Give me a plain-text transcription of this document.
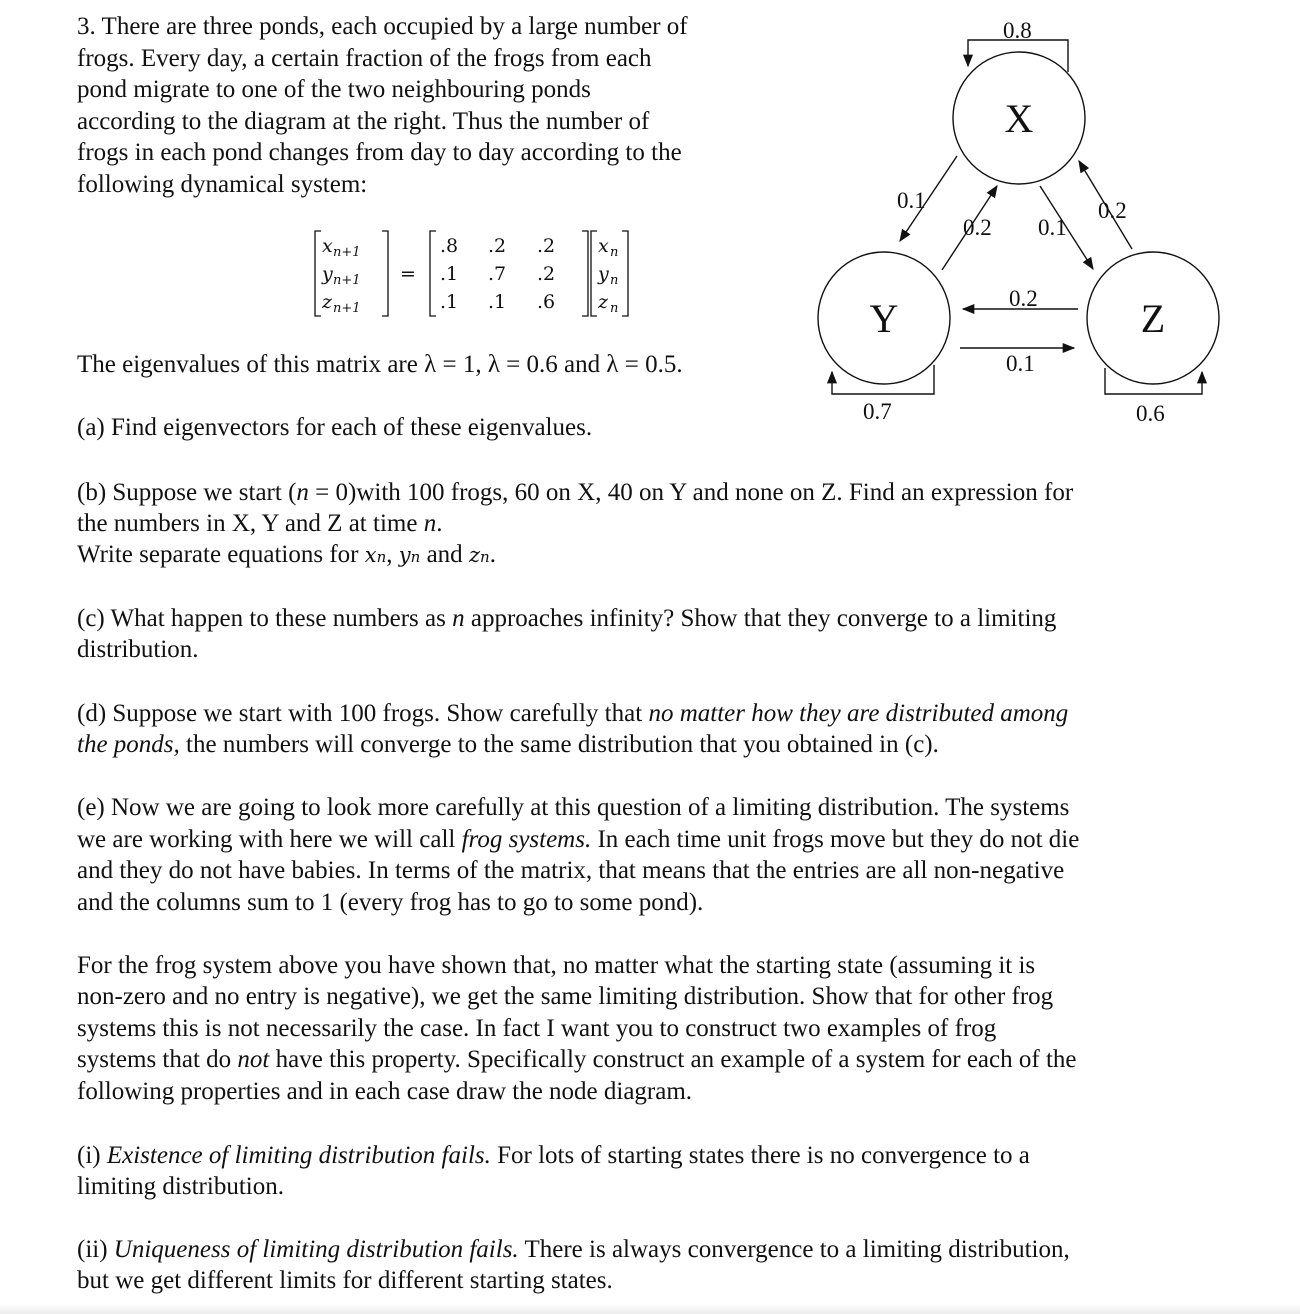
3. There are three ponds, each occupied by a large number of

frogs. Every day, a certain fraction of the frogs from each

pond migrate to one of the two neighbouring ponds

according to the diagram at the right. Thus the number of

frogs in each pond changes from day to day according to the

following dynamical system:

x n+1
y n+1
z n+1
=
.8 .2 .2
.1 .7 .2
.1 .1 .6
x n
y n
z n

The eigenvalues of this matrix are λ = 1, λ = 0.6 and λ = 0.5.

(a) Find eigenvectors for each of these eigenvalues.

(b) Suppose we start (n = 0)with 100 frogs, 60 on X, 40 on Y and none on Z. Find an expression for

the numbers in X, Y and Z at time n.

Write separate equations for xn, yn and zn.

(c) What happen to these numbers as n approaches infinity? Show that they converge to a limiting

distribution.

(d) Suppose we start with 100 frogs. Show carefully that no matter how they are distributed among

the ponds, the numbers will converge to the same distribution that you obtained in (c).

(e) Now we are going to look more carefully at this question of a limiting distribution. The systems

we are working with here we will call frog systems. In each time unit frogs move but they do not die

and they do not have babies. In terms of the matrix, that means that the entries are all non-negative

and the columns sum to 1 (every frog has to go to some pond).

For the frog system above you have shown that, no matter what the starting state (assuming it is

non-zero and no entry is negative), we get the same limiting distribution. Show that for other frog

systems this is not necessarily the case. In fact I want you to construct two examples of frog

systems that do not have this property. Specifically construct an example of a system for each of the

following properties and in each case draw the node diagram.

(i) Existence of limiting distribution fails. For lots of starting states there is no convergence to a

limiting distribution.

(ii) Uniqueness of limiting distribution fails. There is always convergence to a limiting distribution,

but we get different limits for different starting states.

X
Y	Z
0.8
0.7	0.6
0.1
0.2 0.1
0.2
0.2
0.1
